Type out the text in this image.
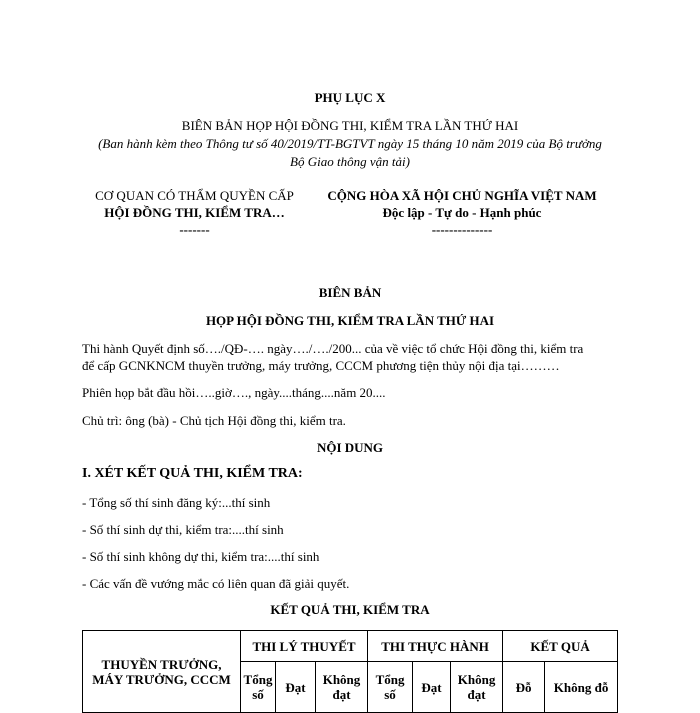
PHỤ LỤC X
BIÊN BẢN HỌP HỘI ĐỒNG THI, KIỂM TRA LẦN THỨ HAI
(Ban hành kèm theo Thông tư số 40/2019/TT-BGTVT ngày 15 tháng 10 năm 2019 của Bộ trưởng
Bộ Giao thông vận tải)
CƠ QUAN CÓ THẨM QUYỀN CẤP
HỘI ĐỒNG THI, KIỂM TRA…
-------
CỘNG HÒA XÃ HỘI CHỦ NGHĨA VIỆT NAM
Độc lập - Tự do - Hạnh phúc
--------------
BIÊN BẢN
HỌP HỘI ĐỒNG THI, KIỂM TRA LẦN THỨ HAI
Thi hành Quyết định số…./QĐ-…. ngày…./…./200... của về việc tổ chức Hội đồng thi, kiểm tra
để cấp GCNKNCM thuyền trưởng, máy trưởng, CCCM phương tiện thủy nội địa tại………
Phiên họp bắt đầu hồi…..giờ…., ngày....tháng....năm 20....
Chủ trì: ông (bà) - Chủ tịch Hội đồng thi, kiểm tra.
NỘI DUNG
I. XÉT KẾT QUẢ THI, KIỂM TRA:
- Tổng số thí sinh đăng ký:...thí sinh
- Số thí sinh dự thi, kiểm tra:....thí sinh
- Số thí sinh không dự thi, kiểm tra:....thí sinh
- Các vấn đề vướng mắc có liên quan đã giải quyết.
KẾT QUẢ THI, KIỂM TRA
THUYỀN TRƯỞNG, MÁY TRƯỞNG, CCCM	THI LÝ THUYẾT			THI THỰC HÀNH			KẾT QUẢ	
	Tổng số	Đạt	Không đạt	Tổng số	Đạt	Không đạt	Đỗ	Không đỗ
